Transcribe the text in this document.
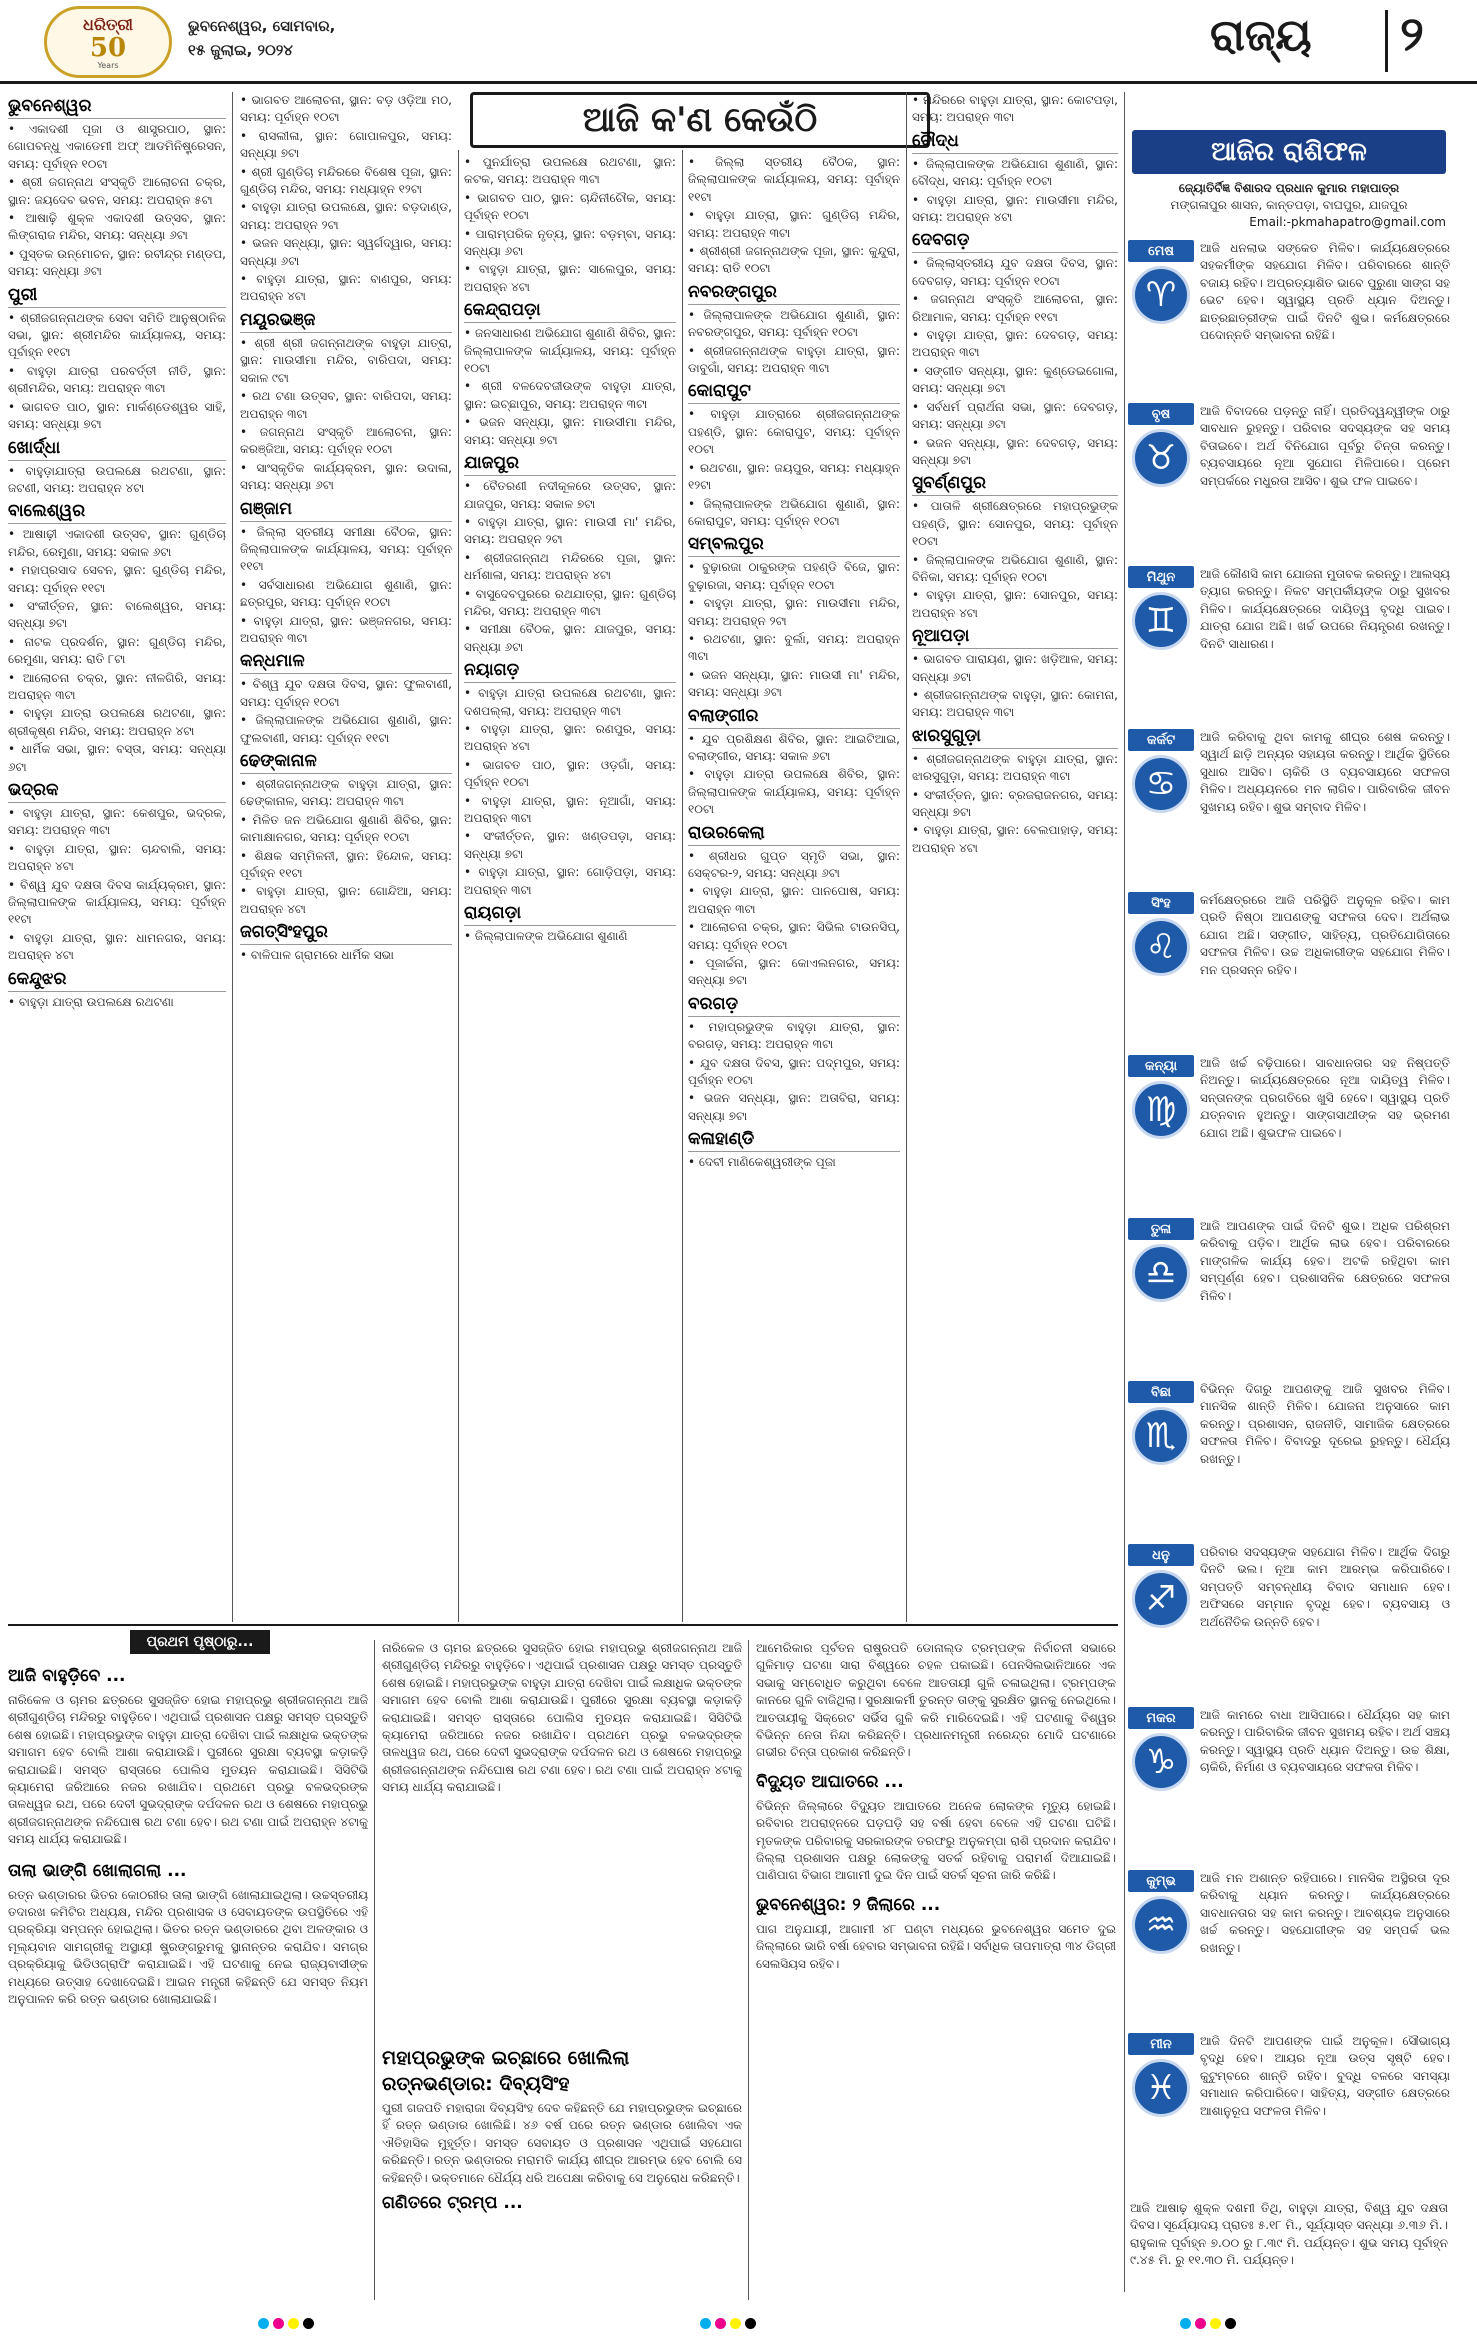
ଧରିତ୍ରୀ
50
Years
ଭୁବନେଶ୍ୱର, ସୋମବାର,
୧୫ ଜୁଲାଇ, ୨୦୨୪	ରାଜ୍ୟ ୨
ଆଜି କ'ଣ କେଉଁଠି
ଭୁବନେଶ୍ୱର
• ଏକାଦଶୀ ପୂଜା ଓ ଶାସ୍ତ୍ରପାଠ, ସ୍ଥାନ: ଗୋପବନ୍ଧୁ ଏକାଡେମୀ ଅଫ୍ ଆଡମିନିଷ୍ଟ୍ରେସନ, ସମୟ: ପୂର୍ବାହ୍ନ ୧୦ଟା
• ଶ୍ରୀ ଜଗନ୍ନାଥ ସଂସ୍କୃତି ଆଲୋଚନା ଚକ୍ର, ସ୍ଥାନ: ଜୟଦେବ ଭବନ, ସମୟ: ଅପରାହ୍ନ ୫ଟା
• ଆଷାଢ଼ି ଶୁକ୍ଳ ଏକାଦଶୀ ଉତ୍ସବ, ସ୍ଥାନ: ଲିଙ୍ଗରାଜ ମନ୍ଦିର, ସମୟ: ସନ୍ଧ୍ୟା ୬ଟା
• ପୁସ୍ତକ ଉନ୍ମୋଚନ, ସ୍ଥାନ: ରବୀନ୍ଦ୍ର ମଣ୍ଡପ, ସମୟ: ସନ୍ଧ୍ୟା ୬ଟା
ପୁରୀ
• ଶ୍ରୀଜଗନ୍ନାଥଙ୍କ ସେବା ସମିତି ଆନୁଷ୍ଠାନିକ ସଭା, ସ୍ଥାନ: ଶ୍ରୀମନ୍ଦିର କାର୍ଯ୍ୟାଳୟ, ସମୟ: ପୂର୍ବାହ୍ନ ୧୧ଟା
• ବାହୁଡ଼ା ଯାତ୍ରା ପରବର୍ତ୍ତୀ ନୀତି, ସ୍ଥାନ: ଶ୍ରୀମନ୍ଦିର, ସମୟ: ଅପରାହ୍ନ ୩ଟା
• ଭାଗବତ ପାଠ, ସ୍ଥାନ: ମାର୍କଣ୍ଡେଶ୍ୱର ସାହି, ସମୟ: ସନ୍ଧ୍ୟା ୭ଟା
ଖୋର୍ଦ୍ଧା
• ବାହୁଡ଼ାଯାତ୍ରା ଉପଲକ୍ଷେ ରଥଟଣା, ସ୍ଥାନ: ଜଟଣୀ, ସମୟ: ଅପରାହ୍ନ ୪ଟା
ବାଲେଶ୍ୱର
• ଆଷାଢ଼ୀ ଏକାଦଶୀ ଉତ୍ସବ, ସ୍ଥାନ: ଗୁଣ୍ଡିଚା ମନ୍ଦିର, ରେମୁଣା, ସମୟ: ସକାଳ ୬ଟା
• ମହାପ୍ରସାଦ ସେବନ, ସ୍ଥାନ: ଗୁଣ୍ଡିଚା ମନ୍ଦିର, ସମୟ: ପୂର୍ବାହ୍ନ ୧୧ଟା
• ସଂକୀର୍ତ୍ତନ, ସ୍ଥାନ: ବାଲେଶ୍ୱର, ସମୟ: ସନ୍ଧ୍ୟା ୭ଟା
• ନାଟକ ପ୍ରଦର୍ଶନ, ସ୍ଥାନ: ଗୁଣ୍ଡିଚା ମନ୍ଦିର, ରେମୁଣା, ସମୟ: ରାତି ୮ଟା
• ଆଲୋଚନା ଚକ୍ର, ସ୍ଥାନ: ନୀଳଗିରି, ସମୟ: ଅପରାହ୍ନ ୩ଟା
• ବାହୁଡ଼ା ଯାତ୍ରା ଉପଲକ୍ଷେ ରଥଟଣା, ସ୍ଥାନ: ଶ୍ରୀକୃଷ୍ଣ ମନ୍ଦିର, ସମୟ: ଅପରାହ୍ନ ୪ଟା
• ଧାର୍ମିକ ସଭା, ସ୍ଥାନ: ବସ୍ତା, ସମୟ: ସନ୍ଧ୍ୟା ୬ଟା
ଭଦ୍ରକ
• ବାହୁଡ଼ା ଯାତ୍ରା, ସ୍ଥାନ: କେଶପୁର, ଭଦ୍ରକ, ସମୟ: ଅପରାହ୍ନ ୩ଟା
• ବାହୁଡ଼ା ଯାତ୍ରା, ସ୍ଥାନ: ଚାନ୍ଦବାଲି, ସମୟ: ଅପରାହ୍ନ ୪ଟା
• ବିଶ୍ୱ ଯୁବ ଦକ୍ଷତା ଦିବସ କାର୍ଯ୍ୟକ୍ରମ, ସ୍ଥାନ: ଜିଲ୍ଲାପାଳଙ୍କ କାର୍ଯ୍ୟାଳୟ, ସମୟ: ପୂର୍ବାହ୍ନ ୧୧ଟା
• ବାହୁଡ଼ା ଯାତ୍ରା, ସ୍ଥାନ: ଧାମନଗର, ସମୟ: ଅପରାହ୍ନ ୪ଟା
କେନ୍ଦୁଝର
• ବାହୁଡ଼ା ଯାତ୍ରା ଉପଲକ୍ଷେ ରଥଟଣା
• ଭାଗବତ ଆଲୋଚନା, ସ୍ଥାନ: ବଡ଼ ଓଡ଼ିଆ ମଠ, ସମୟ: ପୂର୍ବାହ୍ନ ୧୦ଟା
• ରାସଲୀଳା, ସ୍ଥାନ: ଗୋପାଳପୁର, ସମୟ: ସନ୍ଧ୍ୟା ୭ଟା
• ଶ୍ରୀ ଗୁଣ୍ଡିଚା ମନ୍ଦିରରେ ବିଶେଷ ପୂଜା, ସ୍ଥାନ: ଗୁଣ୍ଡିଚା ମନ୍ଦିର, ସମୟ: ମଧ୍ୟାହ୍ନ ୧୨ଟା
• ବାହୁଡ଼ା ଯାତ୍ରା ଉପଲକ୍ଷେ, ସ୍ଥାନ: ବଡ଼ଦାଣ୍ଡ, ସମୟ: ଅପରାହ୍ନ ୨ଟା
• ଭଜନ ସନ୍ଧ୍ୟା, ସ୍ଥାନ: ସ୍ୱର୍ଗଦ୍ୱାର, ସମୟ: ସନ୍ଧ୍ୟା ୬ଟା
• ବାହୁଡ଼ା ଯାତ୍ରା, ସ୍ଥାନ: ବାଣପୁର, ସମୟ: ଅପରାହ୍ନ ୪ଟା
ମୟୂରଭଞ୍ଜ
• ଶ୍ରୀ ଶ୍ରୀ ଜଗନ୍ନାଥଙ୍କ ବାହୁଡ଼ା ଯାତ୍ରା, ସ୍ଥାନ: ମାଉସୀମା ମନ୍ଦିର, ବାରିପଦା, ସମୟ: ସକାଳ ୯ଟା
• ରଥ ଟଣା ଉତ୍ସବ, ସ୍ଥାନ: ବାରିପଦା, ସମୟ: ଅପରାହ୍ନ ୩ଟା
• ଜଗନ୍ନାଥ ସଂସ୍କୃତି ଆଲୋଚନା, ସ୍ଥାନ: କରଞ୍ଜିଆ, ସମୟ: ପୂର୍ବାହ୍ନ ୧୦ଟା
• ସାଂସ୍କୃତିକ କାର୍ଯ୍ୟକ୍ରମ, ସ୍ଥାନ: ଉଦାଳା, ସମୟ: ସନ୍ଧ୍ୟା ୬ଟା
ଗଞ୍ଜାମ
• ଜିଲ୍ଲା ସ୍ତରୀୟ ସମୀକ୍ଷା ବୈଠକ, ସ୍ଥାନ: ଜିଲ୍ଲାପାଳଙ୍କ କାର୍ଯ୍ୟାଳୟ, ସମୟ: ପୂର୍ବାହ୍ନ ୧୧ଟା
• ସର୍ବସାଧାରଣ ଅଭିଯୋଗ ଶୁଣାଣି, ସ୍ଥାନ: ଛତ୍ରପୁର, ସମୟ: ପୂର୍ବାହ୍ନ ୧୦ଟା
• ବାହୁଡ଼ା ଯାତ୍ରା, ସ୍ଥାନ: ଭଞ୍ଜନଗର, ସମୟ: ଅପରାହ୍ନ ୩ଟା
କନ୍ଧମାଳ
• ବିଶ୍ୱ ଯୁବ ଦକ୍ଷତା ଦିବସ, ସ୍ଥାନ: ଫୁଲବାଣୀ, ସମୟ: ପୂର୍ବାହ୍ନ ୧୦ଟା
• ଜିଲ୍ଲାପାଳଙ୍କ ଅଭିଯୋଗ ଶୁଣାଣି, ସ୍ଥାନ: ଫୁଲବାଣୀ, ସମୟ: ପୂର୍ବାହ୍ନ ୧୧ଟା
ଢେଙ୍କାନାଳ
• ଶ୍ରୀଜଗନ୍ନାଥଙ୍କ ବାହୁଡ଼ା ଯାତ୍ରା, ସ୍ଥାନ: ଢେଙ୍କାନାଳ, ସମୟ: ଅପରାହ୍ନ ୩ଟା
• ମିଳିତ ଜନ ଅଭିଯୋଗ ଶୁଣାଣି ଶିବିର, ସ୍ଥାନ: କାମାକ୍ଷାନଗର, ସମୟ: ପୂର୍ବାହ୍ନ ୧୦ଟା
• ଶିକ୍ଷକ ସମ୍ମିଳନୀ, ସ୍ଥାନ: ହିନ୍ଦୋଳ, ସମୟ: ପୂର୍ବାହ୍ନ ୧୧ଟା
• ବାହୁଡ଼ା ଯାତ୍ରା, ସ୍ଥାନ: ଗୋନ୍ଦିଆ, ସମୟ: ଅପରାହ୍ନ ୪ଟା
ଜଗତ୍‌ସିଂହପୁର
• ବାଳିପାଳ ଗ୍ରାମରେ ଧାର୍ମିକ ସଭା
• ପୁନର୍ଯାତ୍ରା ଉପଲକ୍ଷେ ରଥଟଣା, ସ୍ଥାନ: କଟକ, ସମୟ: ଅପରାହ୍ନ ୩ଟା
• ଭାଗବତ ପାଠ, ସ୍ଥାନ: ଚାନ୍ଦିନୀଚୌକ, ସମୟ: ପୂର୍ବାହ୍ନ ୧୦ଟା
• ପାରାମ୍ପରିକ ନୃତ୍ୟ, ସ୍ଥାନ: ବଡ଼ମ୍ବା, ସମୟ: ସନ୍ଧ୍ୟା ୬ଟା
• ବାହୁଡ଼ା ଯାତ୍ରା, ସ୍ଥାନ: ସାଲେପୁର, ସମୟ: ଅପରାହ୍ନ ୪ଟା
କେନ୍ଦ୍ରାପଡ଼ା
• ଜନସାଧାରଣ ଅଭିଯୋଗ ଶୁଣାଣି ଶିବିର, ସ୍ଥାନ: ଜିଲ୍ଲାପାଳଙ୍କ କାର୍ଯ୍ୟାଳୟ, ସମୟ: ପୂର୍ବାହ୍ନ ୧୦ଟା
• ଶ୍ରୀ ବଳଦେବଜୀଉଙ୍କ ବାହୁଡ଼ା ଯାତ୍ରା, ସ୍ଥାନ: ଇଚ୍ଛାପୁର, ସମୟ: ଅପରାହ୍ନ ୩ଟା
• ଭଜନ ସନ୍ଧ୍ୟା, ସ୍ଥାନ: ମାଉସୀମା ମନ୍ଦିର, ସମୟ: ସନ୍ଧ୍ୟା ୭ଟା
ଯାଜପୁର
• ବୈତରଣୀ ନଦୀକୂଳରେ ଉତ୍ସବ, ସ୍ଥାନ: ଯାଜପୁର, ସମୟ: ସକାଳ ୭ଟା
• ବାହୁଡ଼ା ଯାତ୍ରା, ସ୍ଥାନ: ମାଉସୀ ମା' ମନ୍ଦିର, ସମୟ: ଅପରାହ୍ନ ୨ଟା
• ଶ୍ରୀଜଗନ୍ନାଥ ମନ୍ଦିରରେ ପୂଜା, ସ୍ଥାନ: ଧର୍ମଶାଳା, ସମୟ: ଅପରାହ୍ନ ୪ଟା
• ବାସୁଦେବପୁରରେ ରଥଯାତ୍ରା, ସ୍ଥାନ: ଗୁଣ୍ଡିଚା ମନ୍ଦିର, ସମୟ: ଅପରାହ୍ନ ୩ଟା
• ସମୀକ୍ଷା ବୈଠକ, ସ୍ଥାନ: ଯାଜପୁର, ସମୟ: ସନ୍ଧ୍ୟା ୬ଟା
ନୟାଗଡ଼
• ବାହୁଡ଼ା ଯାତ୍ରା ଉପଲକ୍ଷେ ରଥଟଣା, ସ୍ଥାନ: ଦଶପଲ୍ଲା, ସମୟ: ଅପରାହ୍ନ ୩ଟା
• ବାହୁଡ଼ା ଯାତ୍ରା, ସ୍ଥାନ: ରଣପୁର, ସମୟ: ଅପରାହ୍ନ ୪ଟା
• ଭାଗବତ ପାଠ, ସ୍ଥାନ: ଓଡ଼ଗାଁ, ସମୟ: ପୂର୍ବାହ୍ନ ୧୦ଟା
• ବାହୁଡ଼ା ଯାତ୍ରା, ସ୍ଥାନ: ନୂଆଗାଁ, ସମୟ: ଅପରାହ୍ନ ୩ଟା
• ସଂକୀର୍ତ୍ତନ, ସ୍ଥାନ: ଖଣ୍ଡପଡ଼ା, ସମୟ: ସନ୍ଧ୍ୟା ୭ଟା
• ବାହୁଡ଼ା ଯାତ୍ରା, ସ୍ଥାନ: ଗୋଡ଼ିପଡ଼ା, ସମୟ: ଅପରାହ୍ନ ୩ଟା
ରାୟଗଡ଼ା
• ଜିଲ୍ଲାପାଳଙ୍କ ଅଭିଯୋଗ ଶୁଣାଣି
• ଜିଲ୍ଲା ସ୍ତରୀୟ ବୈଠକ, ସ୍ଥାନ: ଜିଲ୍ଲାପାଳଙ୍କ କାର୍ଯ୍ୟାଳୟ, ସମୟ: ପୂର୍ବାହ୍ନ ୧୧ଟା
• ବାହୁଡ଼ା ଯାତ୍ରା, ସ୍ଥାନ: ଗୁଣ୍ଡିଚା ମନ୍ଦିର, ସମୟ: ଅପରାହ୍ନ ୩ଟା
• ଶ୍ରୀଶ୍ରୀ ଜଗନ୍ନାଥଙ୍କ ପୂଜା, ସ୍ଥାନ: କୁନ୍ଦୁରା, ସମୟ: ରାତି ୧୦ଟା
ନବରଙ୍ଗପୁର
• ଜିଲ୍ଲାପାଳଙ୍କ ଅଭିଯୋଗ ଶୁଣାଣି, ସ୍ଥାନ: ନବରଙ୍ଗପୁର, ସମୟ: ପୂର୍ବାହ୍ନ ୧୦ଟା
• ଶ୍ରୀଜଗନ୍ନାଥଙ୍କ ବାହୁଡ଼ା ଯାତ୍ରା, ସ୍ଥାନ: ଡାବୁଗାଁ, ସମୟ: ଅପରାହ୍ନ ୩ଟା
କୋରାପୁଟ
• ବାହୁଡ଼ା ଯାତ୍ରାରେ ଶ୍ରୀଜଗନ୍ନାଥଙ୍କ ପହଣ୍ଡି, ସ୍ଥାନ: କୋରାପୁଟ, ସମୟ: ପୂର୍ବାହ୍ନ ୧୦ଟା
• ରଥଟଣା, ସ୍ଥାନ: ଜୟପୁର, ସମୟ: ମଧ୍ୟାହ୍ନ ୧୨ଟା
• ଜିଲ୍ଲାପାଳଙ୍କ ଅଭିଯୋଗ ଶୁଣାଣି, ସ୍ଥାନ: କୋରାପୁଟ, ସମୟ: ପୂର୍ବାହ୍ନ ୧୦ଟା
ସମ୍ବଲପୁର
• ବୁଢ଼ାରଜା ଠାକୁରଙ୍କ ପହଣ୍ଡି ବିଜେ, ସ୍ଥାନ: ବୁଢ଼ାରଜା, ସମୟ: ପୂର୍ବାହ୍ନ ୧୦ଟା
• ବାହୁଡ଼ା ଯାତ୍ରା, ସ୍ଥାନ: ମାଉସୀମା ମନ୍ଦିର, ସମୟ: ଅପରାହ୍ନ ୨ଟା
• ରଥଟଣା, ସ୍ଥାନ: ବୁର୍ଲା, ସମୟ: ଅପରାହ୍ନ ୩ଟା
• ଭଜନ ସନ୍ଧ୍ୟା, ସ୍ଥାନ: ମାଉସୀ ମା' ମନ୍ଦିର, ସମୟ: ସନ୍ଧ୍ୟା ୬ଟା
ବଲାଙ୍ଗୀର
• ଯୁବ ପ୍ରଶିକ୍ଷଣ ଶିବିର, ସ୍ଥାନ: ଆଇଟିଆଇ, ବଲାଙ୍ଗୀର, ସମୟ: ସକାଳ ୬ଟା
• ବାହୁଡ଼ା ଯାତ୍ରା ଉପଲକ୍ଷେ ଶିବିର, ସ୍ଥାନ: ଜିଲ୍ଲାପାଳଙ୍କ କାର୍ଯ୍ୟାଳୟ, ସମୟ: ପୂର୍ବାହ୍ନ ୧୦ଟା
ରାଉରକେଲା
• ଶ୍ରୀଧର ଗୁପ୍ତ ସ୍ମୃତି ସଭା, ସ୍ଥାନ: ସେକ୍ଟର-୨, ସମୟ: ସନ୍ଧ୍ୟା ୬ଟା
• ବାହୁଡ଼ା ଯାତ୍ରା, ସ୍ଥାନ: ପାନପୋଷ, ସମୟ: ଅପରାହ୍ନ ୩ଟା
• ଆଲୋଚନା ଚକ୍ର, ସ୍ଥାନ: ସିଭିଲ ଟାଉନସିପ୍, ସମୟ: ପୂର୍ବାହ୍ନ ୧୦ଟା
• ପୂଜାର୍ଚ୍ଚନା, ସ୍ଥାନ: କୋଏଲନଗର, ସମୟ: ସନ୍ଧ୍ୟା ୭ଟା
ବରଗଡ଼
• ମହାପ୍ରଭୁଙ୍କ ବାହୁଡ଼ା ଯାତ୍ରା, ସ୍ଥାନ: ବରଗଡ଼, ସମୟ: ଅପରାହ୍ନ ୩ଟା
• ଯୁବ ଦକ୍ଷତା ଦିବସ, ସ୍ଥାନ: ପଦ୍ମପୁର, ସମୟ: ପୂର୍ବାହ୍ନ ୧୦ଟା
• ଭଜନ ସନ୍ଧ୍ୟା, ସ୍ଥାନ: ଅତାବିରା, ସମୟ: ସନ୍ଧ୍ୟା ୭ଟା
କଳାହାଣ୍ଡି
• ଦେବୀ ମାଣିକେଶ୍ୱରୀଙ୍କ ପୂଜା
• ମନ୍ଦିରରେ ବାହୁଡ଼ା ଯାତ୍ରା, ସ୍ଥାନ: କୋଟପଡ଼ା, ସମୟ: ଅପରାହ୍ନ ୩ଟା
ବୌଦ୍ଧ
• ଜିଲ୍ଲାପାଳଙ୍କ ଅଭିଯୋଗ ଶୁଣାଣି, ସ୍ଥାନ: ବୌଦ୍ଧ, ସମୟ: ପୂର୍ବାହ୍ନ ୧୦ଟା
• ବାହୁଡ଼ା ଯାତ୍ରା, ସ୍ଥାନ: ମାଉସୀମା ମନ୍ଦିର, ସମୟ: ଅପରାହ୍ନ ୪ଟା
ଦେବଗଡ଼
• ଜିଲ୍ଲାସ୍ତରୀୟ ଯୁବ ଦକ୍ଷତା ଦିବସ, ସ୍ଥାନ: ଦେବଗଡ଼, ସମୟ: ପୂର୍ବାହ୍ନ ୧୦ଟା
• ଜଗନ୍ନାଥ ସଂସ୍କୃତି ଆଲୋଚନା, ସ୍ଥାନ: ରିଆମାଳ, ସମୟ: ପୂର୍ବାହ୍ନ ୧୧ଟା
• ବାହୁଡ଼ା ଯାତ୍ରା, ସ୍ଥାନ: ଦେବଗଡ଼, ସମୟ: ଅପରାହ୍ନ ୩ଟା
• ସଙ୍ଗୀତ ସନ୍ଧ୍ୟା, ସ୍ଥାନ: କୁଣ୍ଡେଇଗୋଳା, ସମୟ: ସନ୍ଧ୍ୟା ୭ଟା
• ସର୍ବଧର୍ମ ପ୍ରାର୍ଥନା ସଭା, ସ୍ଥାନ: ଦେବଗଡ଼, ସମୟ: ସନ୍ଧ୍ୟା ୬ଟା
• ଭଜନ ସନ୍ଧ୍ୟା, ସ୍ଥାନ: ଦେବଗଡ଼, ସମୟ: ସନ୍ଧ୍ୟା ୭ଟା
ସୁବର୍ଣ୍ଣପୁର
• ପାତାଳି ଶ୍ରୀକ୍ଷେତ୍ରରେ ମହାପ୍ରଭୁଙ୍କ ପହଣ୍ଡି, ସ୍ଥାନ: ସୋନପୁର, ସମୟ: ପୂର୍ବାହ୍ନ ୧୦ଟା
• ଜିଲ୍ଲାପାଳଙ୍କ ଅଭିଯୋଗ ଶୁଣାଣି, ସ୍ଥାନ: ବିନିକା, ସମୟ: ପୂର୍ବାହ୍ନ ୧୦ଟା
• ବାହୁଡ଼ା ଯାତ୍ରା, ସ୍ଥାନ: ସୋନପୁର, ସମୟ: ଅପରାହ୍ନ ୪ଟା
ନୂଆପଡ଼ା
• ଭାଗବତ ପାରାୟଣ, ସ୍ଥାନ: ଖଡ଼ିଆଳ, ସମୟ: ସନ୍ଧ୍ୟା ୬ଟା
• ଶ୍ରୀଜଗନ୍ନାଥଙ୍କ ବାହୁଡ଼ା, ସ୍ଥାନ: କୋମନା, ସମୟ: ଅପରାହ୍ନ ୩ଟା
ଝାରସୁଗୁଡ଼ା
• ଶ୍ରୀଜଗନ୍ନାଥଙ୍କ ବାହୁଡ଼ା ଯାତ୍ରା, ସ୍ଥାନ: ଝାରସୁଗୁଡ଼ା, ସମୟ: ଅପରାହ୍ନ ୩ଟା
• ସଂକୀର୍ତ୍ତନ, ସ୍ଥାନ: ବ୍ରଜରାଜନଗର, ସମୟ: ସନ୍ଧ୍ୟା ୭ଟା
• ବାହୁଡ଼ା ଯାତ୍ରା, ସ୍ଥାନ: ବେଲପାହାଡ଼, ସମୟ: ଅପରାହ୍ନ ୪ଟା
ଆଜିର ରାଶିଫଳ
ଜ୍ୟୋତିର୍ବିଜ୍ଞ ବିଶାରଦ ପ୍ରଧାନ କୁମାର ମହାପାତ୍ର
ମଙ୍ଗଳାପୁର ଶାସନ, କାନ୍ତପଡ଼ା, ବାଘପୁର, ଯାଜପୁର
Email:-pkmahapatro@gmail.com
ମେଷ
♈
ଆଜି ଧନଲାଭ ସଙ୍କେତ ମିଳିବ। କାର୍ଯ୍ୟକ୍ଷେତ୍ରରେ ସହକର୍ମୀଙ୍କ ସହଯୋଗ ମିଳିବ। ପରିବାରରେ ଶାନ୍ତି ବଜାୟ ରହିବ। ଅପ୍ରତ୍ୟାଶିତ ଭାବେ ପୁରୁଣା ସାଙ୍ଗ ସହ ଭେଟ ହେବ। ସ୍ୱାସ୍ଥ୍ୟ ପ୍ରତି ଧ୍ୟାନ ଦିଅନ୍ତୁ। ଛାତ୍ରଛାତ୍ରୀଙ୍କ ପାଇଁ ଦିନଟି ଶୁଭ। କର୍ମକ୍ଷେତ୍ରରେ ପଦୋନ୍ନତି ସମ୍ଭାବନା ରହିଛି।
ବୃଷ
♉
ଆଜି ବିବାଦରେ ପଡ଼ନ୍ତୁ ନାହିଁ। ପ୍ରତିଦ୍ୱନ୍ଦ୍ୱୀଙ୍କ ଠାରୁ ସାବଧାନ ରୁହନ୍ତୁ। ପରିବାର ସଦସ୍ୟଙ୍କ ସହ ସମୟ ବିତାଇବେ। ଅର୍ଥ ବିନିଯୋଗ ପୂର୍ବରୁ ଚିନ୍ତା କରନ୍ତୁ। ବ୍ୟବସାୟରେ ନୂଆ ସୁଯୋଗ ମିଳିପାରେ। ପ୍ରେମ ସମ୍ପର୍କରେ ମଧୁରତା ଆସିବ। ଶୁଭ ଫଳ ପାଇବେ।
ମିଥୁନ
♊
ଆଜି କୌଣସି କାମ ଯୋଜନା ମୁତାବକ କରନ୍ତୁ। ଆଲସ୍ୟ ତ୍ୟାଗ କରନ୍ତୁ। ନିକଟ ସମ୍ପର୍କୀୟଙ୍କ ଠାରୁ ସୁଖବର ମିଳିବ। କାର୍ଯ୍ୟକ୍ଷେତ୍ରରେ ଦାୟିତ୍ୱ ବୃଦ୍ଧି ପାଇବ। ଯାତ୍ରା ଯୋଗ ଅଛି। ଖର୍ଚ୍ଚ ଉପରେ ନିୟନ୍ତ୍ରଣ ରଖନ୍ତୁ। ଦିନଟି ସାଧାରଣ।
କର୍କଟ
♋
ଆଜି କରିବାକୁ ଥିବା କାମକୁ ଶୀଘ୍ର ଶେଷ କରନ୍ତୁ। ସ୍ୱାର୍ଥ ଛାଡ଼ି ଅନ୍ୟର ସହାୟତା କରନ୍ତୁ। ଆର୍ଥିକ ସ୍ଥିତିରେ ସୁଧାର ଆସିବ। ଚାକିରି ଓ ବ୍ୟବସାୟରେ ସଫଳତା ମିଳିବ। ଅଧ୍ୟୟନରେ ମନ ଲାଗିବ। ପାରିବାରିକ ଜୀବନ ସୁଖମୟ ରହିବ। ଶୁଭ ସମ୍ବାଦ ମିଳିବ।
ସିଂହ
♌
କର୍ମକ୍ଷେତ୍ରରେ ଆଜି ପରିସ୍ଥିତି ଅନୁକୂଳ ରହିବ। କାମ ପ୍ରତି ନିଷ୍ଠା ଆପଣଙ୍କୁ ସଫଳତା ଦେବ। ଅର୍ଥଲାଭ ଯୋଗ ଅଛି। ସଙ୍ଗୀତ, ସାହିତ୍ୟ, ପ୍ରତିଯୋଗିତାରେ ସଫଳତା ମିଳିବ। ଉଚ୍ଚ ଅଧିକାରୀଙ୍କ ସହଯୋଗ ମିଳିବ। ମନ ପ୍ରସନ୍ନ ରହିବ।
କନ୍ୟା
♍
ଆଜି ଖର୍ଚ୍ଚ ବଢ଼ିପାରେ। ସାବଧାନତାର ସହ ନିଷ୍ପତ୍ତି ନିଅନ୍ତୁ। କାର୍ଯ୍ୟକ୍ଷେତ୍ରରେ ନୂଆ ଦାୟିତ୍ୱ ମିଳିବ। ସନ୍ତାନଙ୍କ ପ୍ରଗତିରେ ଖୁସି ହେବେ। ସ୍ୱାସ୍ଥ୍ୟ ପ୍ରତି ଯତ୍ନବାନ ହୁଅନ୍ତୁ। ସାଙ୍ଗସାଥୀଙ୍କ ସହ ଭ୍ରମଣ ଯୋଗ ଅଛି। ଶୁଭଫଳ ପାଇବେ।
ତୁଳା
♎
ଆଜି ଆପଣଙ୍କ ପାଇଁ ଦିନଟି ଶୁଭ। ଅଧିକ ପରିଶ୍ରମ କରିବାକୁ ପଡ଼ିବ। ଆର୍ଥିକ ଲାଭ ହେବ। ପରିବାରରେ ମାଙ୍ଗଳିକ କାର୍ଯ୍ୟ ହେବ। ଅଟକି ରହିଥିବା କାମ ସମ୍ପୂର୍ଣ୍ଣ ହେବ। ପ୍ରଶାସନିକ କ୍ଷେତ୍ରରେ ସଫଳତା ମିଳିବ।
ବିଛା
♏
ବିଭିନ୍ନ ଦିଗରୁ ଆପଣଙ୍କୁ ଆଜି ସୁଖବର ମିଳିବ। ମାନସିକ ଶାନ୍ତି ମିଳିବ। ଯୋଜନା ଅନୁସାରେ କାମ କରନ୍ତୁ। ପ୍ରଶାସନ, ରାଜନୀତି, ସାମାଜିକ କ୍ଷେତ୍ରରେ ସଫଳତା ମିଳିବ। ବିବାଦରୁ ଦୂରେଇ ରୁହନ୍ତୁ। ଧୈର୍ଯ୍ୟ ରଖନ୍ତୁ।
ଧନୁ
♐
ପରିବାର ସଦସ୍ୟଙ୍କ ସହଯୋଗ ମିଳିବ। ଆର୍ଥିକ ଦିଗରୁ ଦିନଟି ଭଲ। ନୂଆ କାମ ଆରମ୍ଭ କରିପାରିବେ। ସମ୍ପତ୍ତି ସମ୍ବନ୍ଧୀୟ ବିବାଦ ସମାଧାନ ହେବ। ଅଫିସରେ ସମ୍ମାନ ବୃଦ୍ଧି ହେବ। ବ୍ୟବସାୟ ଓ ଅର୍ଥନୈତିକ ଉନ୍ନତି ହେବ।
ମକର
♑
ଆଜି କାମରେ ବାଧା ଆସିପାରେ। ଧୈର୍ଯ୍ୟର ସହ କାମ କରନ୍ତୁ। ପାରିବାରିକ ଜୀବନ ସୁଖମୟ ରହିବ। ଅର୍ଥ ସଞ୍ଚୟ କରନ୍ତୁ। ସ୍ୱାସ୍ଥ୍ୟ ପ୍ରତି ଧ୍ୟାନ ଦିଅନ୍ତୁ। ଉଚ୍ଚ ଶିକ୍ଷା, ଚାକିରି, ନିର୍ମାଣ ଓ ବ୍ୟବସାୟରେ ସଫଳତା ମିଳିବ।
କୁମ୍ଭ
♒
ଆଜି ମନ ଅଶାନ୍ତ ରହିପାରେ। ମାନସିକ ଅସ୍ଥିରତା ଦୂର କରିବାକୁ ଧ୍ୟାନ କରନ୍ତୁ। କାର୍ଯ୍ୟକ୍ଷେତ୍ରରେ ସାବଧାନତାର ସହ କାମ କରନ୍ତୁ। ଆବଶ୍ୟକ ଅନୁସାରେ ଖର୍ଚ୍ଚ କରନ୍ତୁ। ସହଯୋଗୀଙ୍କ ସହ ସମ୍ପର୍କ ଭଲ ରଖନ୍ତୁ।
ମୀନ
♓
ଆଜି ଦିନଟି ଆପଣଙ୍କ ପାଇଁ ଅନୁକୂଳ। ସୌଭାଗ୍ୟ ବୃଦ୍ଧି ହେବ। ଆୟର ନୂଆ ଉତ୍ସ ସୃଷ୍ଟି ହେବ। କୁଟୁମ୍ବରେ ଶାନ୍ତି ରହିବ। ବୁଦ୍ଧି ବଳରେ ସମସ୍ୟା ସମାଧାନ କରିପାରିବେ। ସାହିତ୍ୟ, ସଙ୍ଗୀତ କ୍ଷେତ୍ରରେ ଆଶାନୁରୂପ ସଫଳତା ମିଳିବ।
ଆଜି ଆଷାଢ଼ ଶୁକ୍ଳ ଦଶମୀ ତିଥି, ବାହୁଡ଼ା ଯାତ୍ରା, ବିଶ୍ୱ ଯୁବ ଦକ୍ଷତା ଦିବସ। ସୂର୍ଯ୍ୟୋଦୟ ପ୍ରାତଃ ୫.୧୮ ମି., ସୂର୍ଯ୍ୟାସ୍ତ ସନ୍ଧ୍ୟା ୬.୩୬ ମି.। ରାହୁକାଳ ପୂର୍ବାହ୍ନ ୭.୦୦ ରୁ ୮.୩୯ ମି. ପର୍ଯ୍ୟନ୍ତ। ଶୁଭ ସମୟ ପୂର୍ବାହ୍ନ ୯.୪୫ ମି. ରୁ ୧୧.୩୦ ମି. ପର୍ଯ୍ୟନ୍ତ।
ପ୍ରଥମ ପୃଷ୍ଠାରୁ...
ଆଜି ବାହୁଡ଼ିବେ ...
ନାରିକେଳ ଓ ଚାମର ଛତ୍ରରେ ସୁସଜ୍ଜିତ ହୋଇ ମହାପ୍ରଭୁ ଶ୍ରୀଜଗନ୍ନାଥ ଆଜି ଶ୍ରୀଗୁଣ୍ଡିଚା ମନ୍ଦିରରୁ ବାହୁଡ଼ିବେ। ଏଥିପାଇଁ ପ୍ରଶାସନ ପକ୍ଷରୁ ସମସ୍ତ ପ୍ରସ୍ତୁତି ଶେଷ ହୋଇଛି। ମହାପ୍ରଭୁଙ୍କ ବାହୁଡ଼ା ଯାତ୍ରା ଦେଖିବା ପାଇଁ ଲକ୍ଷାଧିକ ଭକ୍ତଙ୍କ ସମାଗମ ହେବ ବୋଲି ଆଶା କରାଯାଉଛି। ପୁରୀରେ ସୁରକ୍ଷା ବ୍ୟବସ୍ଥା କଡ଼ାକଡ଼ି କରାଯାଇଛି। ସମସ୍ତ ରାସ୍ତାରେ ପୋଲିସ ମୁତୟନ କରାଯାଇଛି। ସିସିଟିଭି କ୍ୟାମେରା ଜରିଆରେ ନଜର ରଖାଯିବ। ପ୍ରଥମେ ପ୍ରଭୁ ବଳଭଦ୍ରଙ୍କ ତାଳଧ୍ୱଜ ରଥ, ପରେ ଦେବୀ ସୁଭଦ୍ରାଙ୍କ ଦର୍ପଦଳନ ରଥ ଓ ଶେଷରେ ମହାପ୍ରଭୁ ଶ୍ରୀଜଗନ୍ନାଥଙ୍କ ନନ୍ଦିଘୋଷ ରଥ ଟଣା ହେବ। ରଥ ଟଣା ପାଇଁ ଅପରାହ୍ନ ୪ଟାକୁ ସମୟ ଧାର୍ଯ୍ୟ କରାଯାଇଛି।
ତାଲା ଭାଙ୍ଗି ଖୋଲାଗଲା ...
ରତ୍ନ ଭଣ୍ଡାରର ଭିତର କୋଠରୀର ତାଲା ଭାଙ୍ଗି ଖୋଲାଯାଇଥିଲା। ଉଚ୍ଚସ୍ତରୀୟ ତଦାରଖ କମିଟିର ଅଧ୍ୟକ୍ଷ, ମନ୍ଦିର ପ୍ରଶାସକ ଓ ସେବାୟତଙ୍କ ଉପସ୍ଥିତିରେ ଏହି ପ୍ରକ୍ରିୟା ସମ୍ପନ୍ନ ହୋଇଥିଲା। ଭିତର ରତ୍ନ ଭଣ୍ଡାରରେ ଥିବା ଅଳଙ୍କାର ଓ ମୂଲ୍ୟବାନ ସାମଗ୍ରୀକୁ ଅସ୍ଥାୟୀ ଷ୍ଟ୍ରଙ୍ଗରୁମକୁ ସ୍ଥାନାନ୍ତର କରାଯିବ। ସମଗ୍ର ପ୍ରକ୍ରିୟାକୁ ଭିଡିଓଗ୍ରାଫି କରାଯାଇଛି। ଏହି ଘଟଣାକୁ ନେଇ ରାଜ୍ୟବାସୀଙ୍କ ମଧ୍ୟରେ ଉତ୍ସାହ ଦେଖାଦେଇଛି। ଆଇନ ମନ୍ତ୍ରୀ କହିଛନ୍ତି ଯେ ସମସ୍ତ ନିୟମ ଅନୁପାଳନ କରି ରତ୍ନ ଭଣ୍ଡାର ଖୋଲାଯାଇଛି।
ନାରିକେଳ ଓ ଚାମର ଛତ୍ରରେ ସୁସଜ୍ଜିତ ହୋଇ ମହାପ୍ରଭୁ ଶ୍ରୀଜଗନ୍ନାଥ ଆଜି ଶ୍ରୀଗୁଣ୍ଡିଚା ମନ୍ଦିରରୁ ବାହୁଡ଼ିବେ। ଏଥିପାଇଁ ପ୍ରଶାସନ ପକ୍ଷରୁ ସମସ୍ତ ପ୍ରସ୍ତୁତି ଶେଷ ହୋଇଛି। ମହାପ୍ରଭୁଙ୍କ ବାହୁଡ଼ା ଯାତ୍ରା ଦେଖିବା ପାଇଁ ଲକ୍ଷାଧିକ ଭକ୍ତଙ୍କ ସମାଗମ ହେବ ବୋଲି ଆଶା କରାଯାଉଛି। ପୁରୀରେ ସୁରକ୍ଷା ବ୍ୟବସ୍ଥା କଡ଼ାକଡ଼ି କରାଯାଇଛି। ସମସ୍ତ ରାସ୍ତାରେ ପୋଲିସ ମୁତୟନ କରାଯାଇଛି। ସିସିଟିଭି କ୍ୟାମେରା ଜରିଆରେ ନଜର ରଖାଯିବ। ପ୍ରଥମେ ପ୍ରଭୁ ବଳଭଦ୍ରଙ୍କ ତାଳଧ୍ୱଜ ରଥ, ପରେ ଦେବୀ ସୁଭଦ୍ରାଙ୍କ ଦର୍ପଦଳନ ରଥ ଓ ଶେଷରେ ମହାପ୍ରଭୁ ଶ୍ରୀଜଗନ୍ନାଥଙ୍କ ନନ୍ଦିଘୋଷ ରଥ ଟଣା ହେବ। ରଥ ଟଣା ପାଇଁ ଅପରାହ୍ନ ୪ଟାକୁ ସମୟ ଧାର୍ଯ୍ୟ କରାଯାଇଛି।
ମହାପ୍ରଭୁଙ୍କ ଇଚ୍ଛାରେ ଖୋଲିଲା ରତ୍ନଭଣ୍ଡାର: ଦିବ୍ୟସିଂହ
ପୁରୀ ଗଜପତି ମହାରାଜା ଦିବ୍ୟସିଂହ ଦେବ କହିଛନ୍ତି ଯେ ମହାପ୍ରଭୁଙ୍କ ଇଚ୍ଛାରେ ହିଁ ରତ୍ନ ଭଣ୍ଡାର ଖୋଲିଛି। ୪୬ ବର୍ଷ ପରେ ରତ୍ନ ଭଣ୍ଡାର ଖୋଲିବା ଏକ ଐତିହାସିକ ମୁହୂର୍ତ୍ତ। ସମସ୍ତ ସେବାୟତ ଓ ପ୍ରଶାସନ ଏଥିପାଇଁ ସହଯୋଗ କରିଛନ୍ତି। ରତ୍ନ ଭଣ୍ଡାରର ମରାମତି କାର୍ଯ୍ୟ ଶୀଘ୍ର ଆରମ୍ଭ ହେବ ବୋଲି ସେ କହିଛନ୍ତି। ଭକ୍ତମାନେ ଧୈର୍ଯ୍ୟ ଧରି ଅପେକ୍ଷା କରିବାକୁ ସେ ଅନୁରୋଧ କରିଛନ୍ତି।
ଗଣିତରେ ଟ୍ରମ୍ପ ...
ଆମେରିକାର ପୂର୍ବତନ ରାଷ୍ଟ୍ରପତି ଡୋନାଲ୍ଡ ଟ୍ରମ୍ପଙ୍କ ନିର୍ବାଚନୀ ସଭାରେ ଗୁଳିମାଡ଼ ଘଟଣା ସାରା ବିଶ୍ୱରେ ଚହଳ ପକାଇଛି। ପେନସିଲଭାନିଆରେ ଏକ ସଭାକୁ ସମ୍ବୋଧିତ କରୁଥିବା ବେଳେ ଆତତାୟୀ ଗୁଳି ଚଳାଇଥିଲା। ଟ୍ରମ୍ପଙ୍କ କାନରେ ଗୁଳି ବାଜିଥିଲା। ସୁରକ୍ଷାକର୍ମୀ ତୁରନ୍ତ ତାଙ୍କୁ ସୁରକ୍ଷିତ ସ୍ଥାନକୁ ନେଇଥିଲେ। ଆତତାୟୀକୁ ସିକ୍ରେଟ ସର୍ଭିସ ଗୁଳି କରି ମାରିଦେଇଛି। ଏହି ଘଟଣାକୁ ବିଶ୍ୱର ବିଭିନ୍ନ ନେତା ନିନ୍ଦା କରିଛନ୍ତି। ପ୍ରଧାନମନ୍ତ୍ରୀ ନରେନ୍ଦ୍ର ମୋଦି ଘଟଣାରେ ଗଭୀର ଚିନ୍ତା ପ୍ରକାଶ କରିଛନ୍ତି।
ବିଦ୍ୟୁତ ଆଘାତରେ ...
ବିଭିନ୍ନ ଜିଲ୍ଲାରେ ବିଦ୍ୟୁତ ଆଘାତରେ ଅନେକ ଲୋକଙ୍କ ମୃତ୍ୟୁ ହୋଇଛି। ରବିବାର ଅପରାହ୍ନରେ ଘଡ଼ଘଡ଼ି ସହ ବର୍ଷା ହେବା ବେଳେ ଏହି ଘଟଣା ଘଟିଛି। ମୃତକଙ୍କ ପରିବାରକୁ ସରକାରଙ୍କ ତରଫରୁ ଅନୁକମ୍ପା ରାଶି ପ୍ରଦାନ କରାଯିବ। ଜିଲ୍ଲା ପ୍ରଶାସନ ପକ୍ଷରୁ ଲୋକଙ୍କୁ ସତର୍କ ରହିବାକୁ ପରାମର୍ଶ ଦିଆଯାଇଛି। ପାଣିପାଗ ବିଭାଗ ଆଗାମୀ ଦୁଇ ଦିନ ପାଇଁ ସତର୍କ ସୂଚନା ଜାରି କରିଛି।
ଭୁବନେଶ୍ୱର: ୨ ଜିଲାରେ ...
ପାଗ ଅନୁଯାୟୀ, ଆଗାମୀ ୪୮ ଘଣ୍ଟା ମଧ୍ୟରେ ଭୁବନେଶ୍ୱର ସମେତ ଦୁଇ ଜିଲ୍ଲାରେ ଭାରି ବର୍ଷା ହେବାର ସମ୍ଭାବନା ରହିଛି। ସର୍ବାଧିକ ତାପମାତ୍ରା ୩୪ ଡିଗ୍ରୀ ସେଲସିୟସ ରହିବ।
